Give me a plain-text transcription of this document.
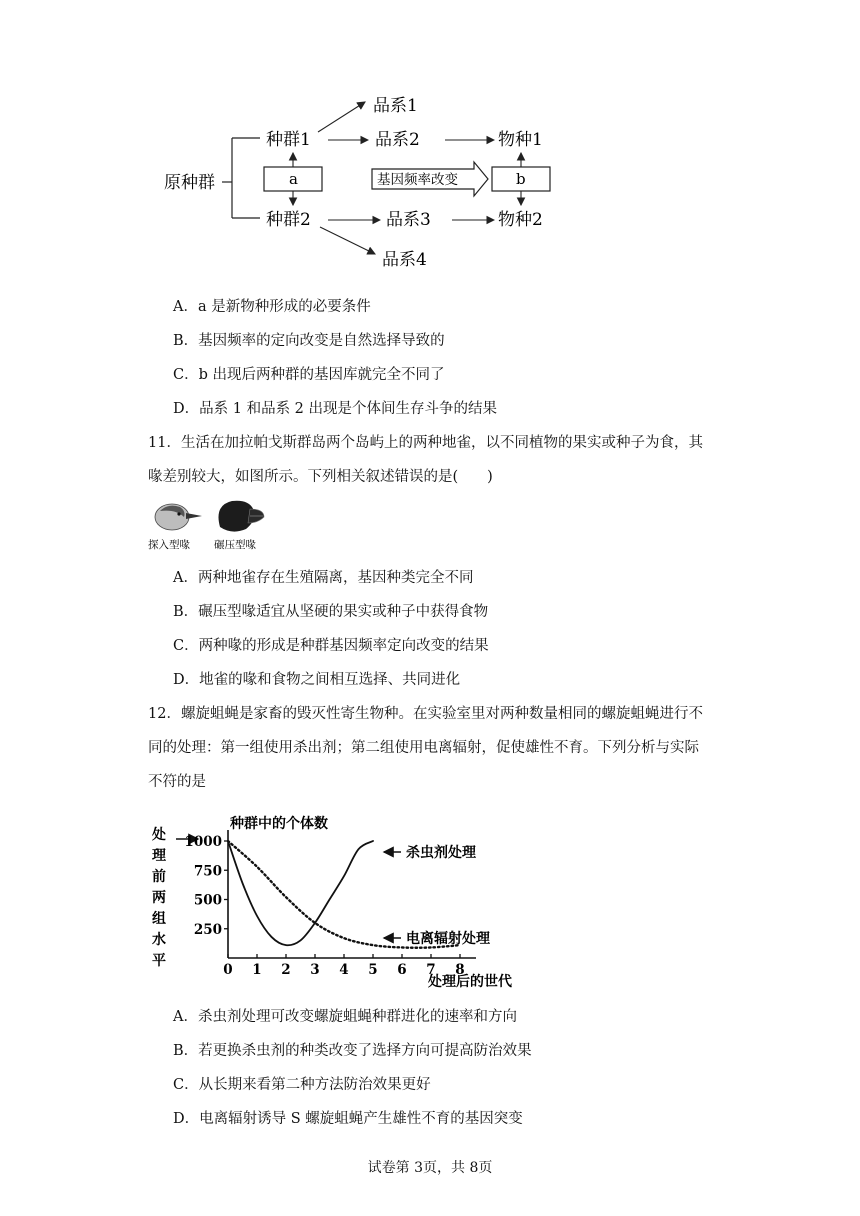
原种群
种群1
种群2
a
品系1
品系2
品系3
品系4
物种1
物种2
基因频率改变	b
A．a 是新物种形成的必要条件
B．基因频率的定向改变是自然选择导致的
C．b 出现后两种群的基因库就完全不同了
D．品系 1 和品系 2 出现是个体间生存斗争的结果
11．生活在加拉帕戈斯群岛两个岛屿上的两种地雀，以不同植物的果实或种子为食，其
喙差别较大，如图所示。下列相关叙述错误的是(　　)
探入型喙 碾压型喙
A．两种地雀存在生殖隔离，基因种类完全不同
B．碾压型喙适宜从坚硬的果实或种子中获得食物
C．两种喙的形成是种群基因频率定向改变的结果
D．地雀的喙和食物之间相互选择、共同进化
12．螺旋蛆蝇是家畜的毁灭性寄生物种。在实验室里对两种数量相同的螺旋蛆蝇进行不
同的处理：第一组使用杀出剂；第二组使用电离辐射，促使雄性不育。下列分析与实际
不符的是
种群中的个体数
处理后的世代
处
理
前
两
组
水
平
1000
750
500
250
0 1 2 3 4 5 6 7 8
杀虫剂处理
电离辐射处理
A．杀虫剂处理可改变螺旋蛆蝇种群进化的速率和方向
B．若更换杀虫剂的种类改变了选择方向可提高防治效果
C．从长期来看第二种方法防治效果更好
D．电离辐射诱导 S 螺旋蛆蝇产生雄性不育的基因突变
试卷第 3页，共 8页
